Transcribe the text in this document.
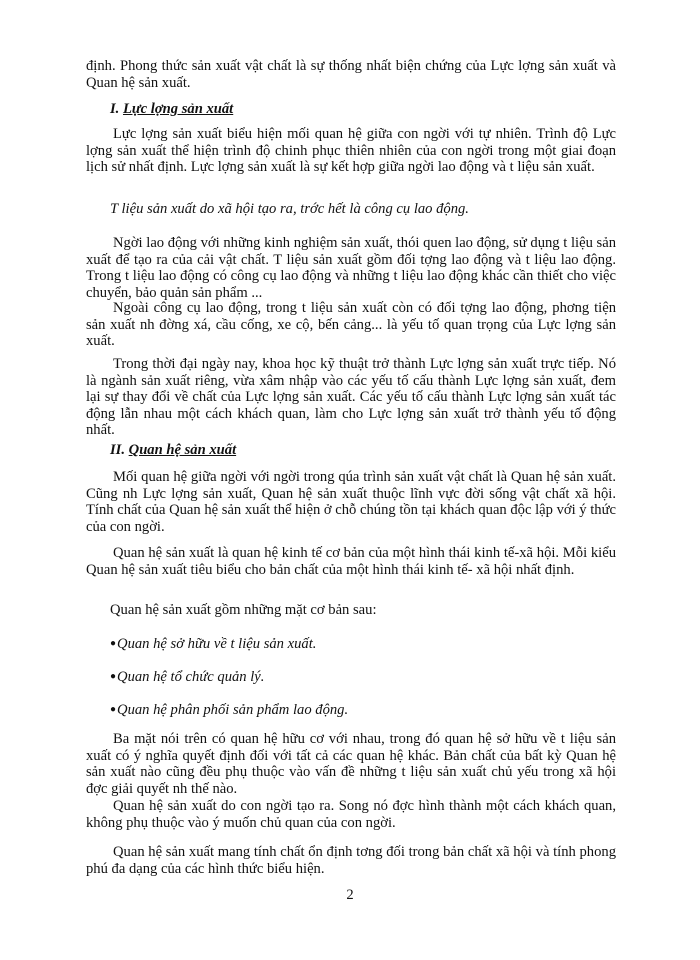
định. Phong thức sản xuất vật chất là sự thống nhất biện chứng của Lực lợng sản xuất và Quan hệ sản xuất.

I. Lực lợng sản xuất

Lực lợng sản xuất biểu hiện mối quan hệ giữa con ngời với tự nhiên. Trình độ Lực lợng sản xuất thể hiện trình độ chinh phục thiên nhiên của con ngời trong một giai đoạn lịch sử nhất định. Lực lợng sản xuất là sự kết hợp giữa ngời lao động và t liệu sản xuất.

T liệu sản xuất do xã hội tạo ra, trớc hết là công cụ lao động.

Ngời lao động với những kinh nghiệm sản xuất, thói quen lao động, sử dụng t liệu sản xuất để tạo ra của cải vật chất. T liệu sản xuất gồm đối tợng lao động và t liệu lao động. Trong t liệu lao động có công cụ lao động và những t liệu lao động khác cần thiết cho việc chuyển, bảo quản sản phẩm ...

Ngoài công cụ lao động, trong t liệu sản xuất còn có đối tợng lao động, phơng tiện sản xuất nh đờng xá, cầu cống, xe cộ, bến cảng... là yếu tố quan trọng của Lực lợng sản xuất.

Trong thời đại ngày nay, khoa học kỹ thuật trở thành Lực lợng sản xuất trực tiếp. Nó là ngành sản xuất riêng, vừa xâm nhập vào các yếu tố cấu thành Lực lợng sản xuất, đem lại sự thay đổi về chất của Lực lợng sản xuất. Các yếu tố cấu thành Lực lợng sản xuất tác động lẫn nhau một cách khách quan, làm cho Lực lợng sản xuất trở thành yếu tố động nhất.

II. Quan hệ sản xuất

Mối quan hệ giữa ngời với ngời trong qúa trình sản xuất vật chất là Quan hệ sản xuất. Cũng nh Lực lợng sản xuất, Quan hệ sản xuất thuộc lĩnh vực đời sống vật chất xã hội. Tính chất của Quan hệ sản xuất thể hiện ở chỗ chúng tồn tại khách quan độc lập với ý thức của con ngời.

Quan hệ sản xuất là quan hệ kinh tế cơ bản của một hình thái kinh tế-xã hội. Mỗi kiểu Quan hệ sản xuất tiêu biểu cho bản chất của một hình thái kinh tế- xã hội nhất định.

Quan hệ sản xuất gồm những mặt cơ bản sau:

●Quan hệ sở hữu về t liệu sản xuất.

●Quan hệ tổ chức quản lý.

●Quan hệ phân phối sản phẩm lao động.

Ba mặt nói trên có quan hệ hữu cơ với nhau, trong đó quan hệ sở hữu về t liệu sản xuất có ý nghĩa quyết định đối với tất cả các quan hệ khác. Bản chất của bất kỳ Quan hệ sản xuất nào cũng đều phụ thuộc vào vấn đề những t liệu sản xuất chủ yếu trong xã hội đợc giải quyết nh thế nào.

Quan hệ sản xuất do con ngời tạo ra. Song nó đợc hình thành một cách khách quan, không phụ thuộc vào ý muốn chủ quan của con ngời.

Quan hệ sản xuất mang tính chất ổn định tơng đối trong bản chất xã hội và tính phong phú đa dạng của các hình thức biểu hiện.

2
